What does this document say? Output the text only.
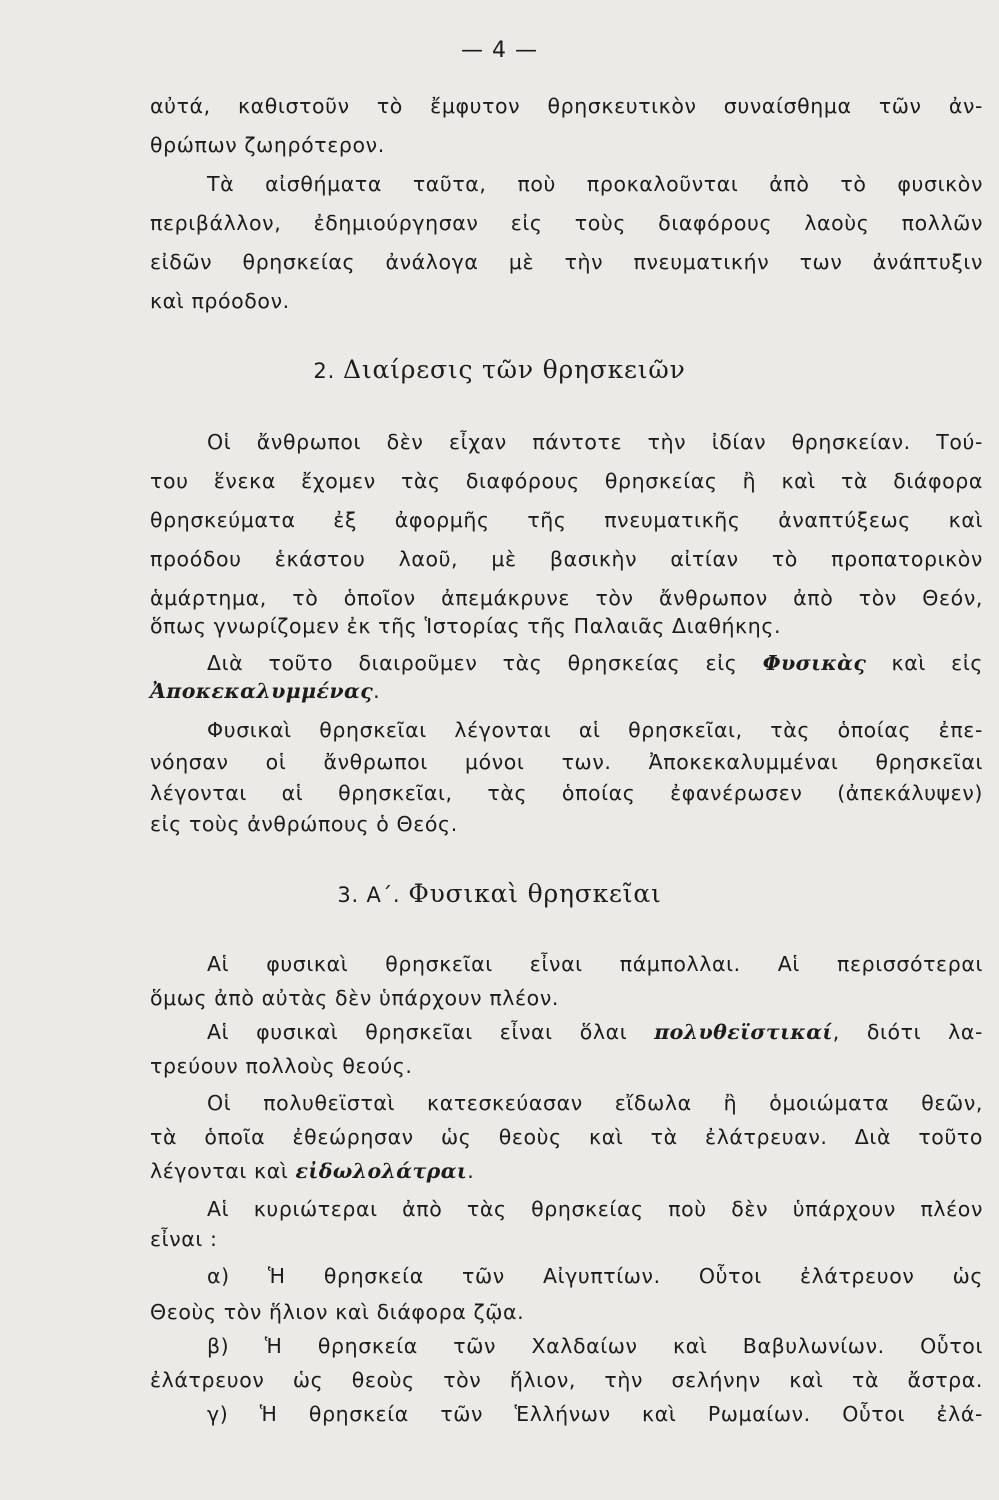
— 4 —
αὐτά, καθιστοῦν τὸ ἔμφυτον θρησκευτικὸν συναίσθημα τῶν ἀν-
θρώπων ζωηρότερον.
Τὰ αἰσθήματα ταῦτα, ποὺ προκαλοῦνται ἀπὸ τὸ φυσικὸν
περιβάλλον, ἐδημιούργησαν εἰς τοὺς διαφόρους λαοὺς πολλῶν
εἰδῶν θρησκείας ἀνάλογα μὲ τὴν πνευματικήν των ἀνάπτυξιν
καὶ πρόοδον.
2. Διαίρεσις τῶν θρησκειῶν
Οἱ ἄνθρωποι δὲν εἶχαν πάντοτε τὴν ἰδίαν θρησκείαν. Τού-
του ἕνεκα ἔχομεν τὰς διαφόρους θρησκείας ἢ καὶ τὰ διάφορα
θρησκεύματα ἐξ ἀφορμῆς τῆς πνευματικῆς ἀναπτύξεως καὶ
προόδου ἑκάστου λαοῦ, μὲ βασικὴν αἰτίαν τὸ προπατορικὸν
ἁμάρτημα, τὸ ὁποῖον ἀπεμάκρυνε τὸν ἄνθρωπον ἀπὸ τὸν Θεόν,
ὅπως γνωρίζομεν ἐκ τῆς Ἱστορίας τῆς Παλαιᾶς Διαθήκης.
Διὰ τοῦτο διαιροῦμεν τὰς θρησκείας εἰς Φυσικὰς καὶ εἰς
Ἀποκεκαλυμμένας.
Φυσικαὶ θρησκεῖαι λέγονται αἱ θρησκεῖαι, τὰς ὁποίας ἐπε-
νόησαν οἱ ἄνθρωποι μόνοι των. Ἀποκεκαλυμμέναι θρησκεῖαι
λέγονται αἱ θρησκεῖαι, τὰς ὁποίας ἐφανέρωσεν (ἀπεκάλυψεν)
εἰς τοὺς ἀνθρώπους ὁ Θεός.
3. Α΄. Φυσικαὶ θρησκεῖαι
Αἱ φυσικαὶ θρησκεῖαι εἶναι πάμπολλαι. Αἱ περισσότεραι
ὅμως ἀπὸ αὐτὰς δὲν ὑπάρχουν πλέον.
Αἱ φυσικαὶ θρησκεῖαι εἶναι ὅλαι πολυθεϊστικαί, διότι λα-
τρεύουν πολλοὺς θεούς.
Οἱ πολυθεϊσταὶ κατεσκεύασαν εἴδωλα ἢ ὁμοιώματα θεῶν,
τὰ ὁποῖα ἐθεώρησαν ὡς θεοὺς καὶ τὰ ἐλάτρευαν. Διὰ τοῦτο
λέγονται καὶ εἰδωλολάτραι.
Αἱ κυριώτεραι ἀπὸ τὰς θρησκείας ποὺ δὲν ὑπάρχουν πλέον
εἶναι :
α) Ἡ θρησκεία τῶν Αἰγυπτίων. Οὗτοι ἐλάτρευον ὡς
Θεοὺς τὸν ἥλιον καὶ διάφορα ζῷα.
β) Ἡ θρησκεία τῶν Χαλδαίων καὶ Βαβυλωνίων. Οὗτοι
ἐλάτρευον ὡς θεοὺς τὸν ἥλιον, τὴν σελήνην καὶ τὰ ἄστρα.
γ) Ἡ θρησκεία τῶν Ἑλλήνων καὶ Ρωμαίων. Οὗτοι ἐλά-
